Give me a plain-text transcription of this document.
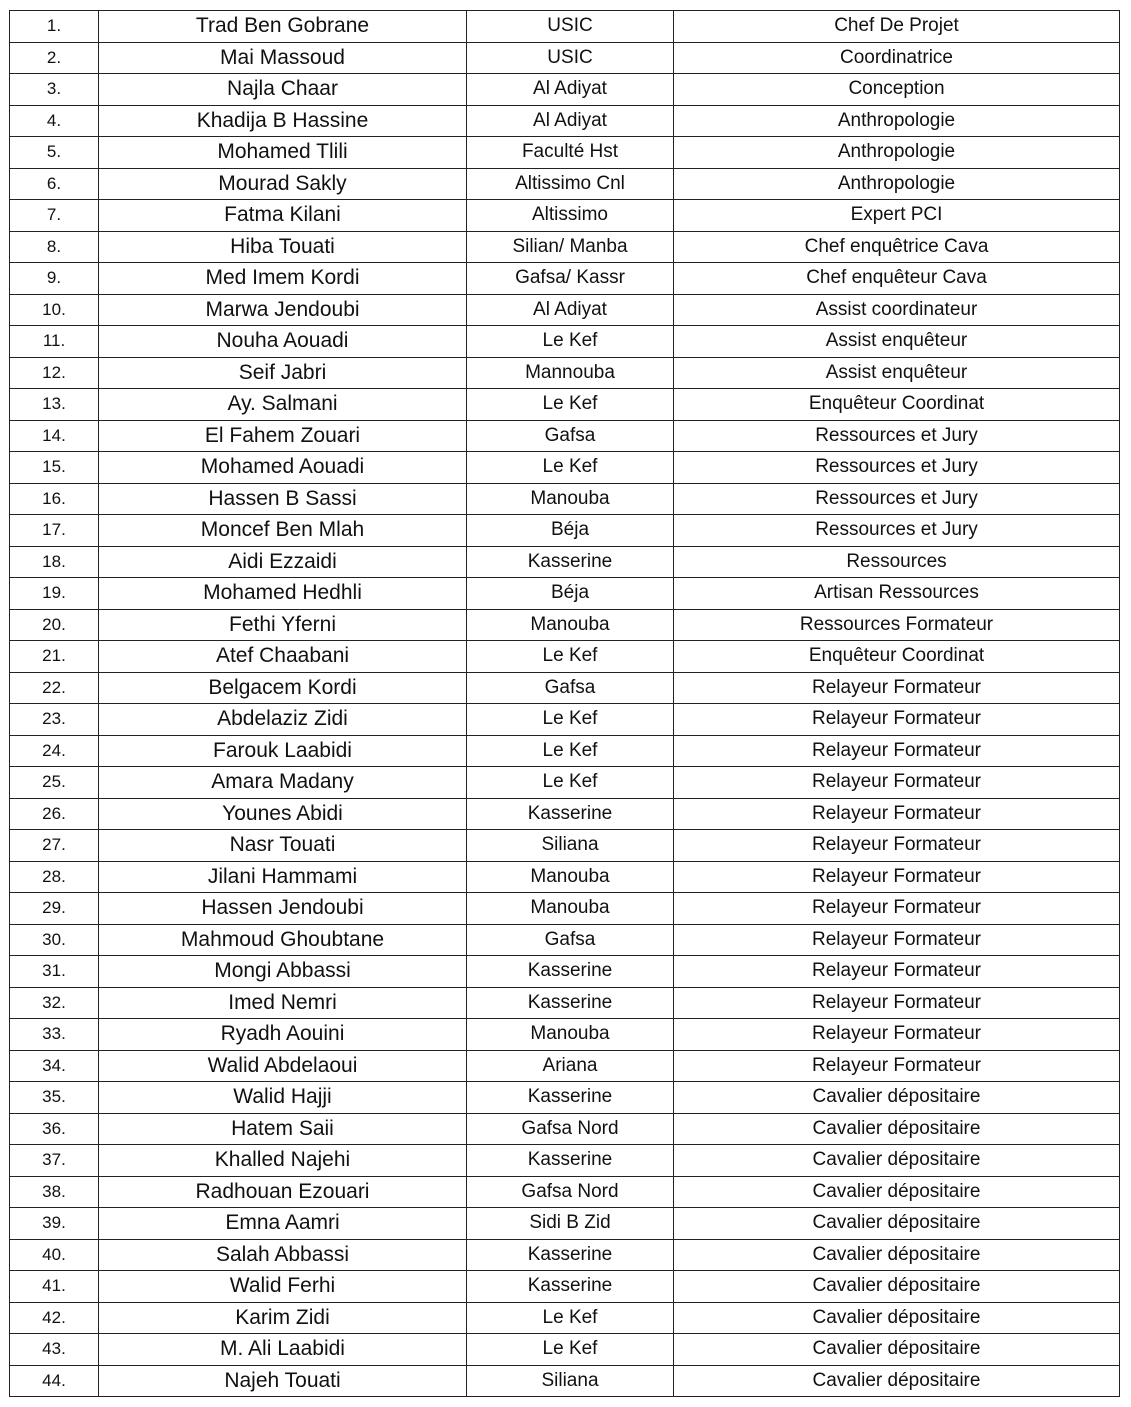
1.	Trad Ben Gobrane	USIC	Chef De Projet
2.	Mai Massoud	USIC	Coordinatrice
3.	Najla Chaar	Al Adiyat	Conception
4.	Khadija B Hassine	Al Adiyat	Anthropologie
5.	Mohamed Tlili	Faculté Hst	Anthropologie
6.	Mourad Sakly	Altissimo Cnl	Anthropologie
7.	Fatma Kilani	Altissimo	Expert PCI
8.	Hiba Touati	Silian/ Manba	Chef enquêtrice Cava
9.	Med Imem Kordi	Gafsa/ Kassr	Chef enquêteur Cava
10.	Marwa Jendoubi	Al Adiyat	Assist coordinateur
11.	Nouha Aouadi	Le Kef	Assist enquêteur
12.	Seif Jabri	Mannouba	Assist enquêteur
13.	Ay. Salmani	Le Kef	Enquêteur Coordinat
14.	El Fahem Zouari	Gafsa	Ressources et Jury
15.	Mohamed Aouadi	Le Kef	Ressources et Jury
16.	Hassen B Sassi	Manouba	Ressources et Jury
17.	Moncef Ben Mlah	Béja	Ressources et Jury
18.	Aidi Ezzaidi	Kasserine	Ressources
19.	Mohamed Hedhli	Béja	Artisan Ressources
20.	Fethi Yferni	Manouba	Ressources Formateur
21.	Atef Chaabani	Le Kef	Enquêteur Coordinat
22.	Belgacem Kordi	Gafsa	Relayeur Formateur
23.	Abdelaziz Zidi	Le Kef	Relayeur Formateur
24.	Farouk Laabidi	Le Kef	Relayeur Formateur
25.	Amara Madany	Le Kef	Relayeur Formateur
26.	Younes Abidi	Kasserine	Relayeur Formateur
27.	Nasr Touati	Siliana	Relayeur Formateur
28.	Jilani Hammami	Manouba	Relayeur Formateur
29.	Hassen Jendoubi	Manouba	Relayeur Formateur
30.	Mahmoud Ghoubtane	Gafsa	Relayeur Formateur
31.	Mongi Abbassi	Kasserine	Relayeur Formateur
32.	Imed Nemri	Kasserine	Relayeur Formateur
33.	Ryadh Aouini	Manouba	Relayeur Formateur
34.	Walid Abdelaoui	Ariana	Relayeur Formateur
35.	Walid Hajji	Kasserine	Cavalier dépositaire
36.	Hatem Saii	Gafsa Nord	Cavalier dépositaire
37.	Khalled Najehi	Kasserine	Cavalier dépositaire
38.	Radhouan Ezouari	Gafsa Nord	Cavalier dépositaire
39.	Emna Aamri	Sidi B Zid	Cavalier dépositaire
40.	Salah Abbassi	Kasserine	Cavalier dépositaire
41.	Walid Ferhi	Kasserine	Cavalier dépositaire
42.	Karim Zidi	Le Kef	Cavalier dépositaire
43.	M. Ali Laabidi	Le Kef	Cavalier dépositaire
44.	Najeh Touati	Siliana	Cavalier dépositaire
